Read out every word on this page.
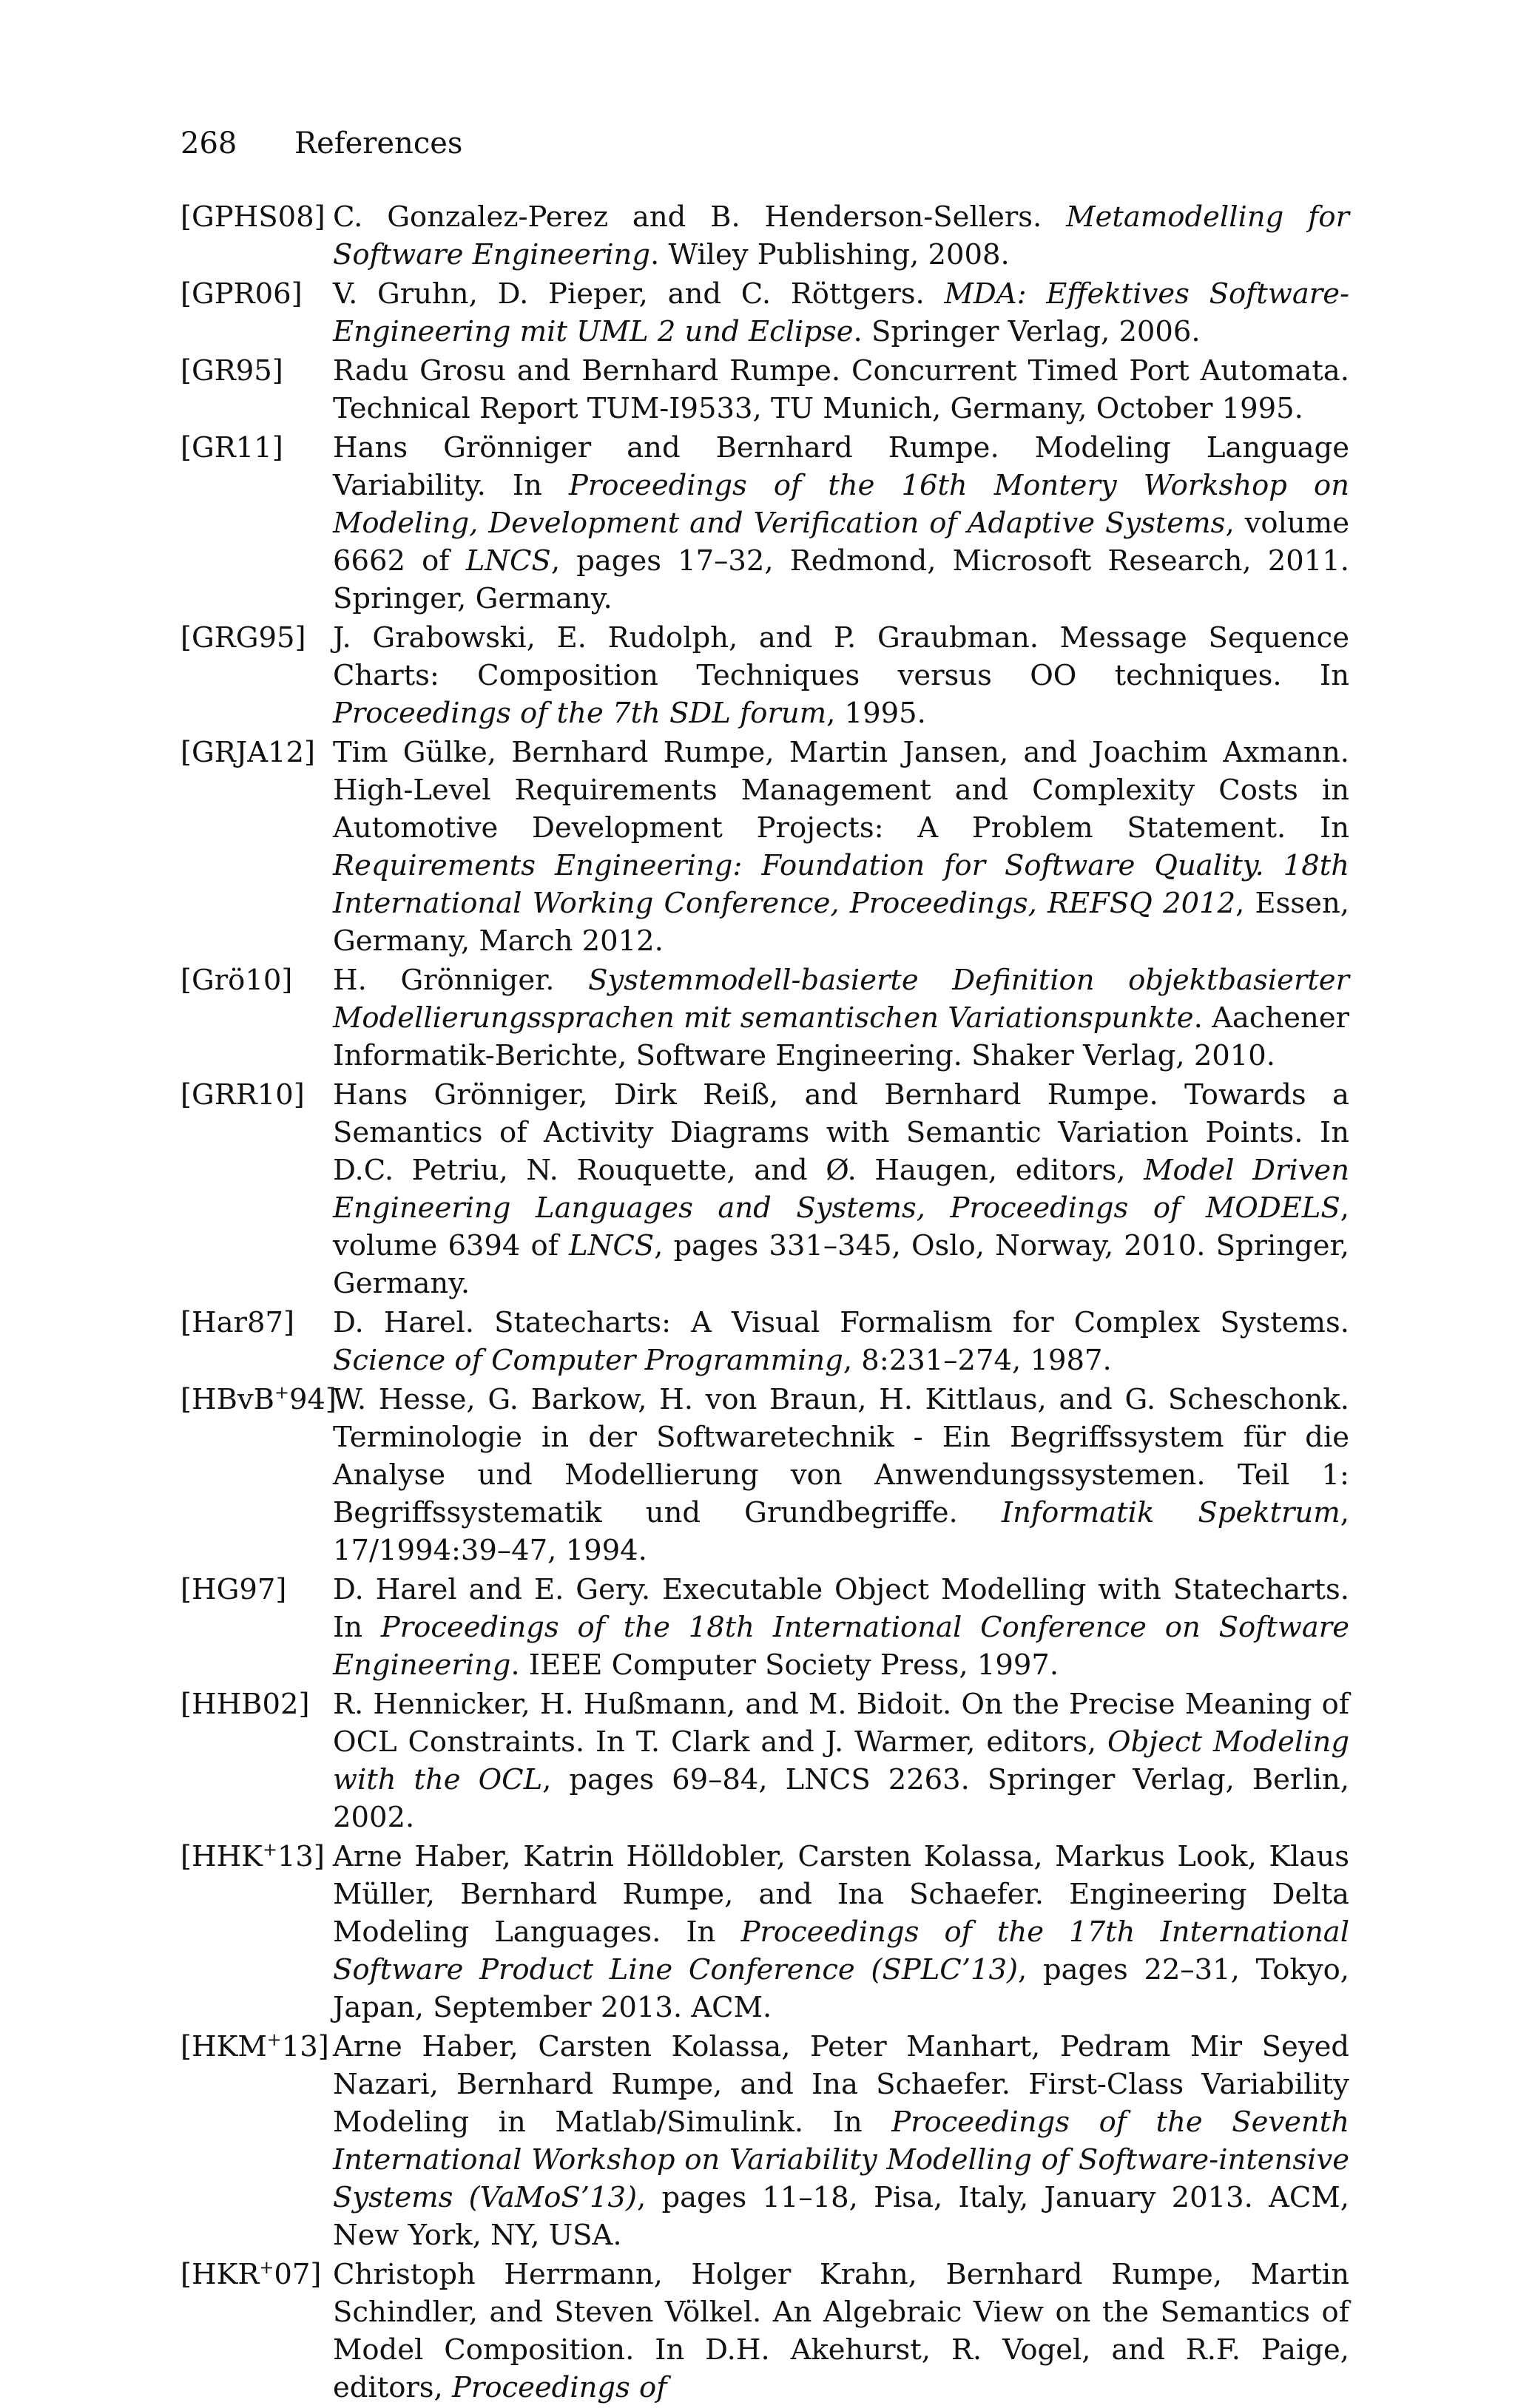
268 References
[GPHS08] C. Gonzalez-Perez and B. Henderson-Sellers. Metamodelling for Software Engineering. Wiley Publishing, 2008.
[GPR06] V. Gruhn, D. Pieper, and C. Röttgers. MDA: Effektives Software-Engineering mit UML 2 und Eclipse. Springer Verlag, 2006.
[GR95] Radu Grosu and Bernhard Rumpe. Concurrent Timed Port Automata. Technical Report TUM-I9533, TU Munich, Germany, October 1995.
[GR11] Hans Grönniger and Bernhard Rumpe. Modeling Language Variability. In Proceedings of the 16th Montery Workshop on Modeling, Development and Verification of Adaptive Systems, volume 6662 of LNCS, pages 17–32, Redmond, Microsoft Research, 2011. Springer, Germany.
[GRG95] J. Grabowski, E. Rudolph, and P. Graubman. Message Sequence Charts: Composition Techniques versus OO techniques. In Proceedings of the 7th SDL forum, 1995.
[GRJA12] Tim Gülke, Bernhard Rumpe, Martin Jansen, and Joachim Axmann. High-Level Requirements Management and Complexity Costs in Automotive Development Projects: A Problem Statement. In Requirements Engineering: Foundation for Software Quality. 18th International Working Conference, Proceedings, REFSQ 2012, Essen, Germany, March 2012.
[Grö10] H. Grönniger. Systemmodell-basierte Definition objektbasierter Modellierungssprachen mit semantischen Variationspunkte. Aachener Informatik-Berichte, Software Engineering. Shaker Verlag, 2010.
[GRR10] Hans Grönniger, Dirk Reiß, and Bernhard Rumpe. Towards a Semantics of Activity Diagrams with Semantic Variation Points. In D.C. Petriu, N. Rouquette, and Ø. Haugen, editors, Model Driven Engineering Languages and Systems, Proceedings of MODELS, volume 6394 of LNCS, pages 331–345, Oslo, Norway, 2010. Springer, Germany.
[Har87] D. Harel. Statecharts: A Visual Formalism for Complex Systems. Science of Computer Programming, 8:231–274, 1987.
[HBvB+94]
W. Hesse, G. Barkow, H. von Braun, H. Kittlaus, and G. Scheschonk. Terminologie in der Softwaretechnik - Ein Begriffssystem für die Analyse und Modellierung von Anwendungssystemen. Teil 1: Begriffssystematik und Grundbegriffe. Informatik Spektrum, 17/1994:39–47, 1994.
[HG97] D. Harel and E. Gery. Executable Object Modelling with Statecharts. In Proceedings of the 18th International Conference on Software Engineering. IEEE Computer Society Press, 1997.
[HHB02] R. Hennicker, H. Hußmann, and M. Bidoit. On the Precise Meaning of OCL Constraints. In T. Clark and J. Warmer, editors, Object Modeling with the OCL, pages 69–84, LNCS 2263. Springer Verlag, Berlin, 2002.
[HHK+13] Arne Haber, Katrin Hölldobler, Carsten Kolassa, Markus Look, Klaus Müller, Bernhard Rumpe, and Ina Schaefer. Engineering Delta Modeling Languages. In Proceedings of the 17th International Software Product Line Conference (SPLC’13), pages 22–31, Tokyo, Japan, September 2013. ACM.
[HKM+13] Arne Haber, Carsten Kolassa, Peter Manhart, Pedram Mir Seyed Nazari, Bernhard Rumpe, and Ina Schaefer. First-Class Variability Modeling in Matlab/Simulink. In Proceedings of the Seventh International Workshop on Variability Modelling of Software-intensive Systems (VaMoS’13), pages 11–18, Pisa, Italy, January 2013. ACM, New York, NY, USA.
[HKR+07] Christoph Herrmann, Holger Krahn, Bernhard Rumpe, Martin Schindler, and Steven Völkel. An Algebraic View on the Semantics of Model Composition. In D.H. Akehurst, R. Vogel, and R.F. Paige, editors, Proceedings of
